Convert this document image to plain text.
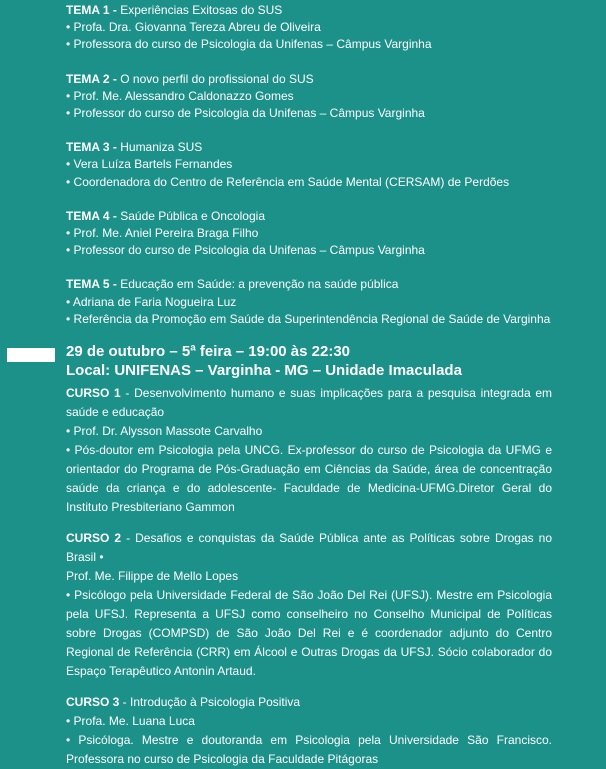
TEMA 1 - Experiências Exitosas do SUS
• Profa. Dra. Giovanna Tereza Abreu de Oliveira
• Professora do curso de Psicologia da Unifenas – Câmpus Varginha
TEMA 2 - O novo perfil do profissional do SUS
• Prof. Me. Alessandro Caldonazzo Gomes
• Professor do curso de Psicologia da Unifenas – Câmpus Varginha
TEMA 3 - Humaniza SUS
• Vera Luíza Bartels Fernandes
• Coordenadora do Centro de Referência em Saúde Mental (CERSAM) de Perdões
TEMA 4 - Saúde Pública e Oncologia
• Prof. Me. Aniel Pereira Braga Filho
• Professor do curso de Psicologia da Unifenas – Câmpus Varginha
TEMA 5 - Educação em Saúde: a prevenção na saúde pública
• Adriana de Faria Nogueira Luz
• Referência da Promoção em Saúde da Superintendência Regional de Saúde de Varginha
29 de outubro – 5ª feira – 19:00 às 22:30
Local: UNIFENAS – Varginha - MG – Unidade Imaculada
CURSO 1 - Desenvolvimento humano e suas implicações para a pesquisa integrada em saúde e educação
• Prof. Dr. Alysson Massote Carvalho
• Pós-doutor em Psicologia pela UNCG. Ex-professor do curso de Psicologia da UFMG e orientador do Programa de Pós-Graduação em Ciências da Saúde, área de concentração saúde da criança e do adolescente- Faculdade de Medicina-UFMG.Diretor Geral do Instituto Presbiteriano Gammon
CURSO 2 - Desafios e conquistas da Saúde Pública ante as Políticas sobre Drogas no Brasil •
Prof. Me. Filippe de Mello Lopes
• Psicólogo pela Universidade Federal de São João Del Rei (UFSJ). Mestre em Psicologia pela UFSJ. Representa a UFSJ como conselheiro no Conselho Municipal de Políticas sobre Drogas (COMPSD) de São João Del Rei e é coordenador adjunto do Centro Regional de Referência (CRR) em Álcool e Outras Drogas da UFSJ. Sócio colaborador do Espaço Terapêutico Antonin Artaud.
CURSO 3 - Introdução à Psicologia Positiva
• Profa. Me. Luana Luca
• Psicóloga. Mestre e doutoranda em Psicologia pela Universidade São Francisco. Professora no curso de Psicologia da Faculdade Pitágoras
